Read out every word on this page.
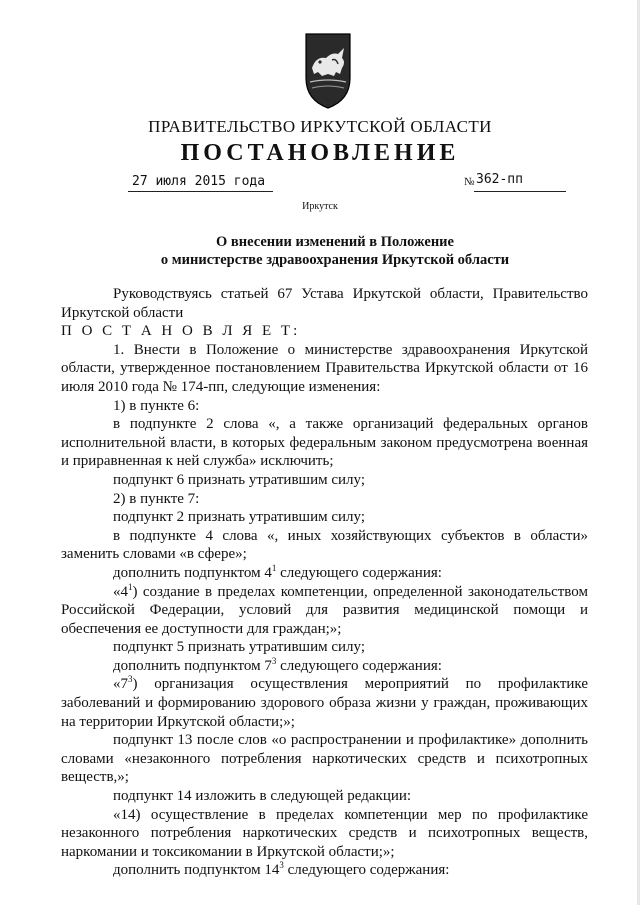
ПРАВИТЕЛЬСТВО ИРКУТСКОЙ ОБЛАСТИ
ПОСТАНОВЛЕНИЕ
27 июля 2015 года	№ 362-пп
Иркутск
О внесении изменений в Положение
о министерстве здравоохранения Иркутской области

Руководствуясь статьей 67 Устава Иркутской области, Правительство Иркутской области

П О С Т А Н О В Л Я Е Т:

1. Внести в Положение о министерстве здравоохранения Иркутской области, утвержденное постановлением Правительства Иркутской области от 16 июля 2010 года № 174-пп, следующие изменения:

1) в пункте 6:

в подпункте 2 слова «, а также организаций федеральных органов исполнительной власти, в которых федеральным законом предусмотрена военная и приравненная к ней служба» исключить;

подпункт 6 признать утратившим силу;

2) в пункте 7:

подпункт 2 признать утратившим силу;

в подпункте 4 слова «, иных хозяйствующих субъектов в области» заменить словами «в сфере»;

дополнить подпунктом $4^1$ следующего содержания:

«$4^1$) создание в пределах компетенции, определенной законодательством Российской Федерации, условий для развития медицинской помощи и обеспечения ее доступности для граждан;»;

подпункт 5 признать утратившим силу;

дополнить подпунктом $7^3$ следующего содержания:

«$7^3$) организация осуществления мероприятий по профилактике заболеваний и формированию здорового образа жизни у граждан, проживающих на территории Иркутской области;»;

подпункт 13 после слов «о распространении и профилактике» дополнить словами «незаконного потребления наркотических средств и психотропных веществ,»;

подпункт 14 изложить в следующей редакции:

«14) осуществление в пределах компетенции мер по профилактике незаконного потребления наркотических средств и психотропных веществ, наркомании и токсикомании в Иркутской области;»;

дополнить подпунктом $14^3$ следующего содержания:
